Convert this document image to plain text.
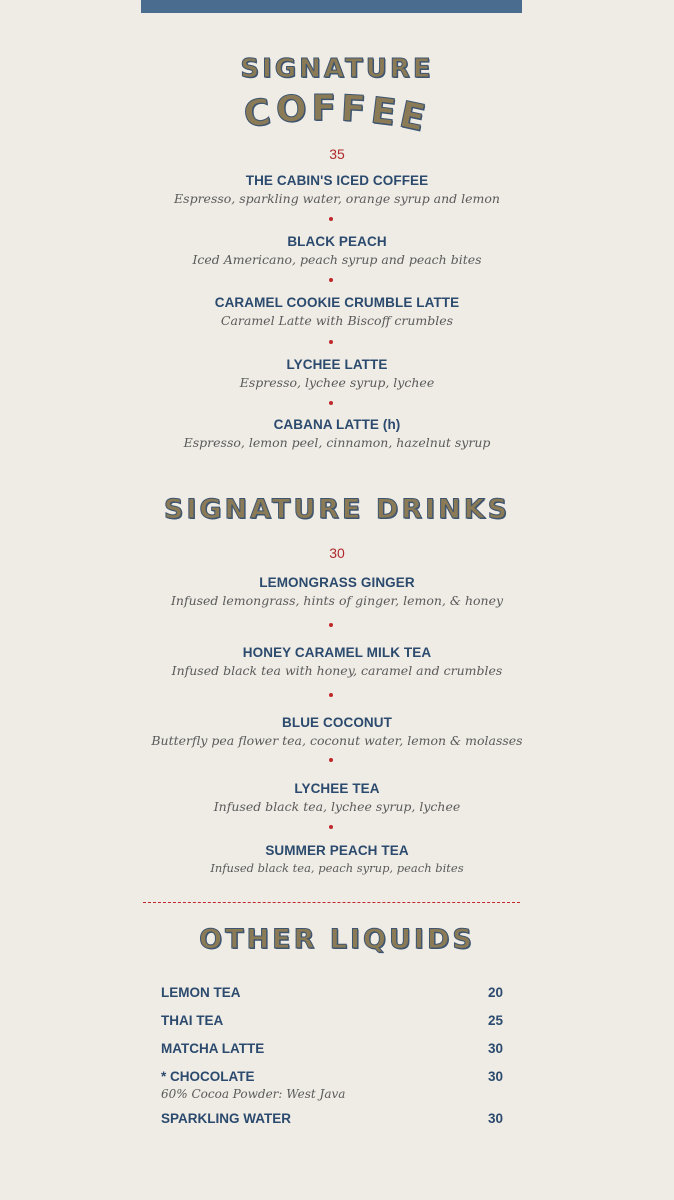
SIGNATURE
COFFEE
35
THE CABIN'S ICED COFFEE
Espresso, sparkling water, orange syrup and lemon
BLACK PEACH
Iced Americano, peach syrup and peach bites
CARAMEL COOKIE CRUMBLE LATTE
Caramel Latte with Biscoff crumbles
LYCHEE LATTE
Espresso, lychee syrup, lychee
CABANA LATTE (h)
Espresso, lemon peel, cinnamon, hazelnut syrup
SIGNATURE DRINKS
30
LEMONGRASS GINGER
Infused lemongrass, hints of ginger, lemon, & honey
HONEY CARAMEL MILK TEA
Infused black tea with honey, caramel and crumbles
BLUE COCONUT
Butterfly pea flower tea, coconut water, lemon & molasses
LYCHEE TEA
Infused black tea, lychee syrup, lychee
SUMMER PEACH TEA
Infused black tea, peach syrup, peach bites
OTHER LIQUIDS
LEMON TEA	20
THAI TEA	25
MATCHA LATTE	30
* CHOCOLATE	30
60% Cocoa Powder: West Java
SPARKLING WATER	30
